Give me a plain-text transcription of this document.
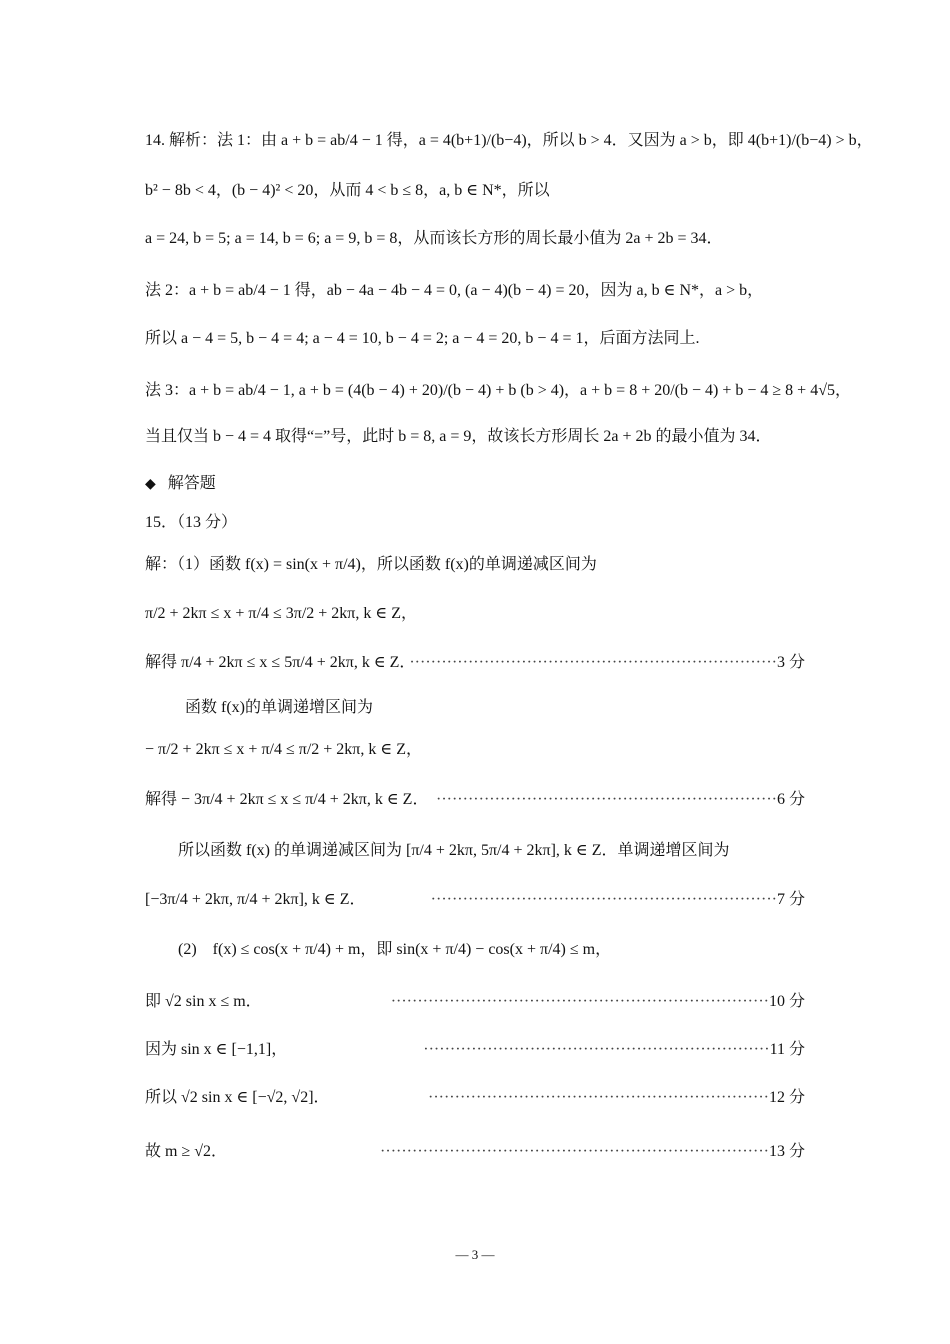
14. 解析：法 1：由 a + b = ab/4 − 1 得，a = 4(b+1)/(b−4)，所以 b > 4．又因为 a > b，即 4(b+1)/(b−4) > b，
b² − 8b < 4，(b − 4)² < 20，从而 4 < b ≤ 8，a, b ∈ N*，所以
a = 24, b = 5; a = 14, b = 6; a = 9, b = 8，从而该长方形的周长最小值为 2a + 2b = 34．
法 2：a + b = ab/4 − 1 得，ab − 4a − 4b − 4 = 0, (a − 4)(b − 4) = 20，因为 a, b ∈ N*，a > b，
所以 a − 4 = 5, b − 4 = 4; a − 4 = 10, b − 4 = 2; a − 4 = 20, b − 4 = 1，后面方法同上.
法 3：a + b = ab/4 − 1, a + b = (4(b − 4) + 20)/(b − 4) + b (b > 4)，a + b = 8 + 20/(b − 4) + b − 4 ≥ 8 + 4√5，
当且仅当 b − 4 = 4 取得“=”号，此时 b = 8, a = 9，故该长方形周长 2a + 2b 的最小值为 34．
◆ 解答题
15．（13 分）
解：（1）函数 f(x) = sin(x + π/4)，所以函数 f(x)的单调递减区间为
π/2 + 2kπ ≤ x + π/4 ≤ 3π/2 + 2kπ, k ∈ Z，
解得 π/4 + 2kπ ≤ x ≤ 5π/4 + 2kπ, k ∈ Z．
·····································································3 分
函数 f(x)的单调递增区间为
− π/2 + 2kπ ≤ x + π/4 ≤ π/2 + 2kπ, k ∈ Z，
解得 − 3π/4 + 2kπ ≤ x ≤ π/4 + 2kπ, k ∈ Z． ································································6 分
所以函数 f(x) 的单调递减区间为 [π/4 + 2kπ, 5π/4 + 2kπ], k ∈ Z．单调递增区间为
[−3π/4 + 2kπ, π/4 + 2kπ], k ∈ Z．	·································································7 分
(2)　f(x) ≤ cos(x + π/4) + m，即 sin(x + π/4) − cos(x + π/4) ≤ m，
即 √2 sin x ≤ m．	·······································································10 分
因为 sin x ∈ [−1,1]，	·································································11 分
所以 √2 sin x ∈ [−√2, √2]．	································································12 分
故 m ≥ √2．	·········································································13 分
— 3 —
